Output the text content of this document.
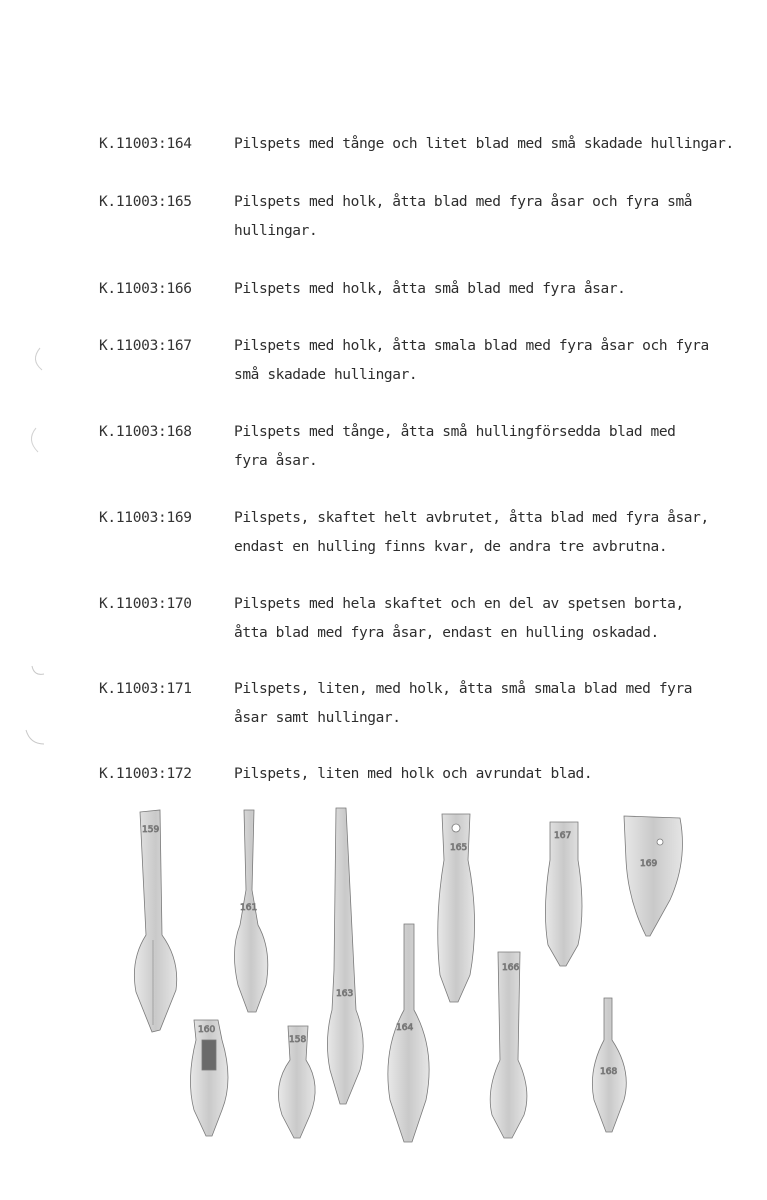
K.11003:164	Pilspets med tånge och litet blad med små skadade hullingar.
K.11003:165	Pilspets med holk, åtta blad med fyra åsar och fyra små
hullingar.
K.11003:166	Pilspets med holk, åtta små blad med fyra åsar.
K.11003:167	Pilspets med holk, åtta smala blad med fyra åsar och fyra
små skadade hullingar.
K.11003:168	Pilspets med tånge, åtta små hullingförsedda blad med
fyra åsar.
K.11003:169	Pilspets, skaftet helt avbrutet, åtta blad med fyra åsar,
endast en hulling finns kvar, de andra tre avbrutna.
K.11003:170	Pilspets med hela skaftet och en del av spetsen borta,
åtta blad med fyra åsar, endast en hulling oskadad.
K.11003:171	Pilspets, liten, med holk, åtta små smala blad med fyra
åsar samt hullingar.
K.11003:172	Pilspets, liten med holk och avrundat blad.
159
161
163
165
167
169
160
158
164
166
168
